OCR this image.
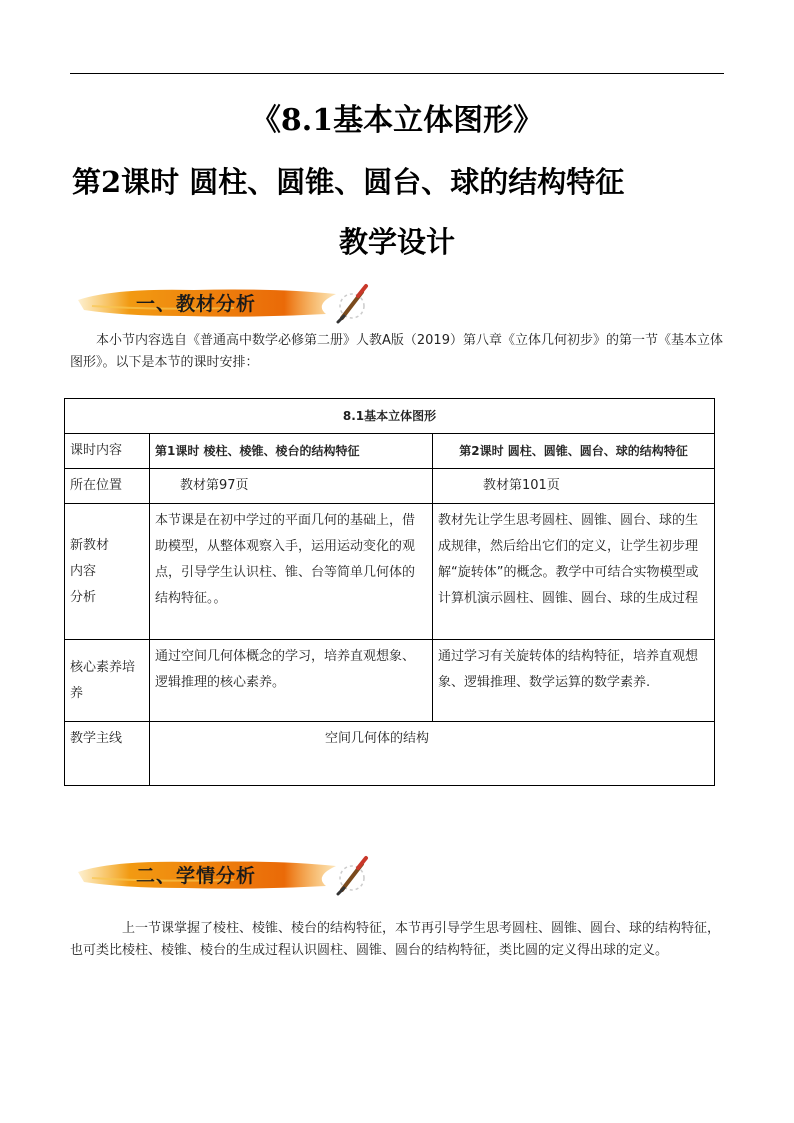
《8.1基本立体图形》
第2课时 圆柱、圆锥、圆台、球的结构特征
教学设计
一、教材分析
本小节内容选自《普通高中数学必修第二册》人教A版（2019）第八章《立体几何初步》的第一节《基本立体图形》。以下是本节的课时安排：
8.1基本立体图形		
课时内容	第1课时 棱柱、棱锥、棱台的结构特征	第2课时 圆柱、圆锥、圆台、球的结构特征
所在位置	教材第97页	教材第101页

新教材
内容
分析	本节课是在初中学过的平面几何的基础上，借助模型，从整体观察入手，运用运动变化的观点，引导学生认识柱、锥、台等简单几何体的结构特征。。	教材先让学生思考圆柱、圆锥、圆台、球的生成规律，然后给出它们的定义，让学生初步理解“旋转体”的概念。教学中可结合实物模型或计算机演示圆柱、圆锥、圆台、球的生成过程
核心素养培养	通过空间几何体概念的学习，培养直观想象、逻辑推理的核心素养。	通过学习有关旋转体的结构特征，培养直观想象、逻辑推理、数学运算的数学素养.
教学主线	空间几何体的结构	
二、学情分析
上一节课掌握了棱柱、棱锥、棱台的结构特征，本节再引导学生思考圆柱、圆锥、圆台、球的结构特征，也可类比棱柱、棱锥、棱台的生成过程认识圆柱、圆锥、圆台的结构特征，类比圆的定义得出球的定义。
